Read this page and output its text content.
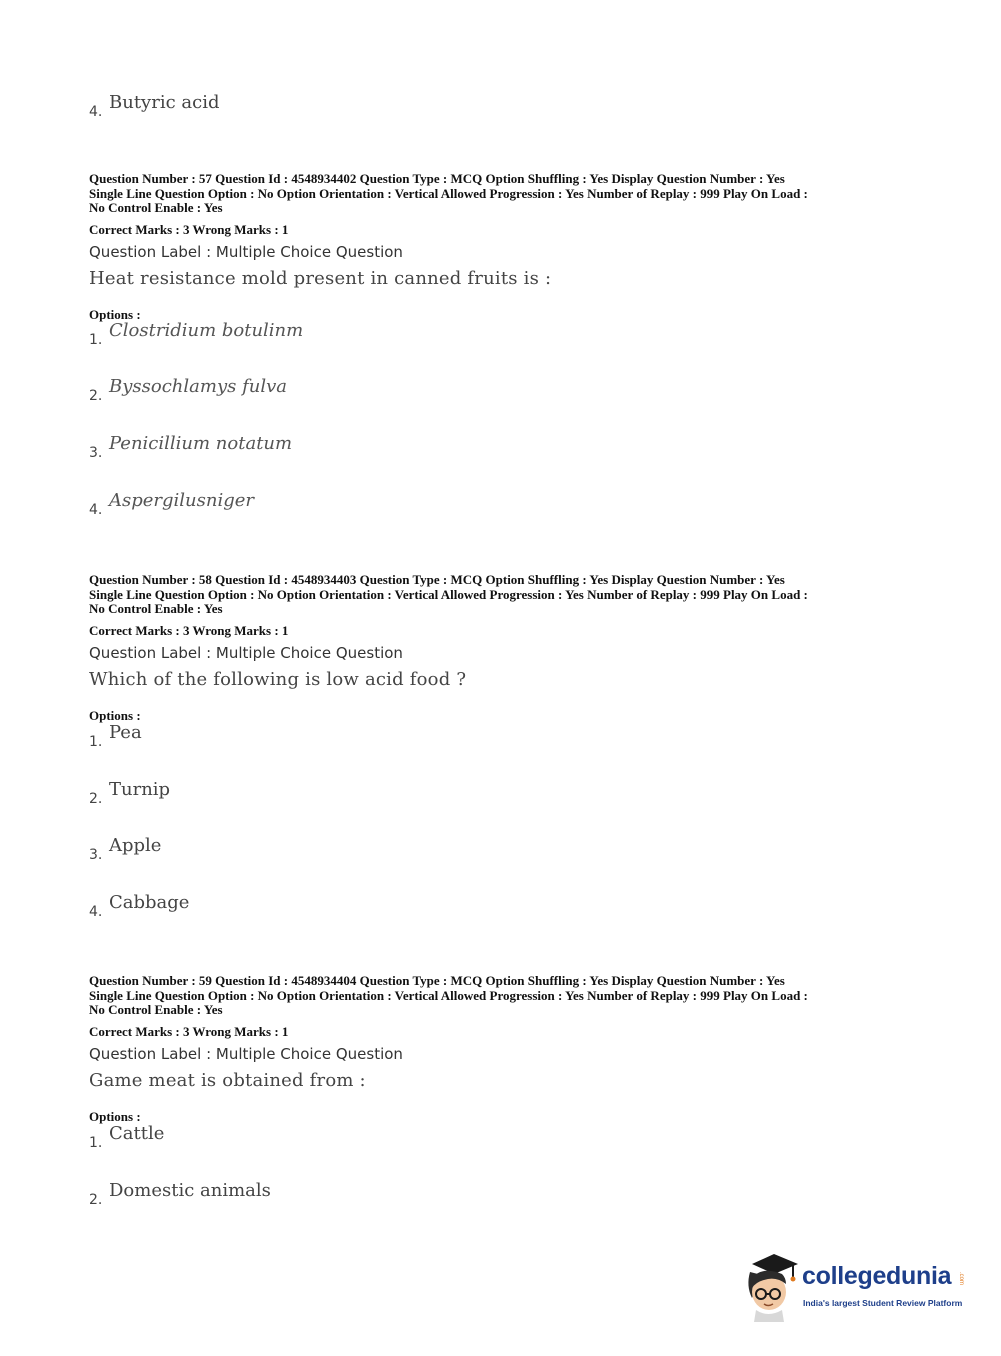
4. Butyric acid
Question Number : 57 Question Id : 4548934402 Question Type : MCQ Option Shuffling : Yes Display Question Number : Yes
Single Line Question Option : No Option Orientation : Vertical Allowed Progression : Yes Number of Replay : 999 Play On Load :
No Control Enable : Yes
Correct Marks : 3 Wrong Marks : 1
Question Label : Multiple Choice Question
Heat resistance mold present in canned fruits is :
Options :
1. Clostridium botulinm
2. Byssochlamys fulva
3. Penicillium notatum
4. Aspergilusniger
Question Number : 58 Question Id : 4548934403 Question Type : MCQ Option Shuffling : Yes Display Question Number : Yes
Single Line Question Option : No Option Orientation : Vertical Allowed Progression : Yes Number of Replay : 999 Play On Load :
No Control Enable : Yes
Correct Marks : 3 Wrong Marks : 1
Question Label : Multiple Choice Question
Which of the following is low acid food ?
Options :
1. Pea
2. Turnip
3. Apple
4. Cabbage
Question Number : 59 Question Id : 4548934404 Question Type : MCQ Option Shuffling : Yes Display Question Number : Yes
Single Line Question Option : No Option Orientation : Vertical Allowed Progression : Yes Number of Replay : 999 Play On Load :
No Control Enable : Yes
Correct Marks : 3 Wrong Marks : 1
Question Label : Multiple Choice Question
Game meat is obtained from :
Options :
1. Cattle
2. Domestic animals
collegedunia .com
India's largest Student Review Platform
